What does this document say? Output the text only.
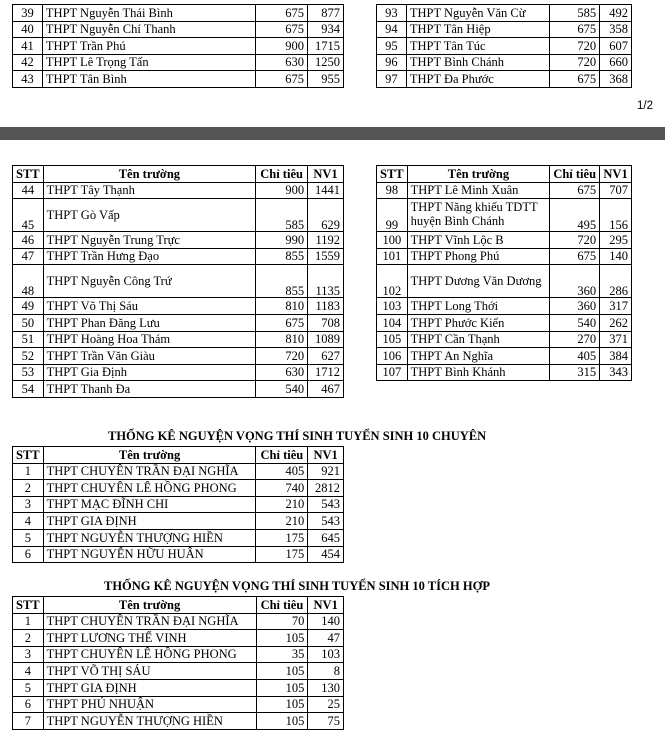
39	THPT Nguyễn Thái Bình	675	877
40	THPT Nguyễn Chí Thanh	675	934
41	THPT Trần Phú	900	1715
42	THPT Lê Trọng Tấn	630	1250
43	THPT Tân Bình	675	955
93	THPT Nguyễn Văn Cừ	585	492
94	THPT Tân Hiệp	675	358
95	THPT Tân Túc	720	607
96	THPT Bình Chánh	720	660
97	THPT Đa Phước	675	368
1/2
STT	Tên trường	Chỉ tiêu	NV1
44	THPT Tây Thạnh	900	1441
45	THPT Gò Vấp	585	629
46	THPT Nguyễn Trung Trực	990	1192
47	THPT Trần Hưng Đạo	855	1559
48	THPT Nguyễn Công Trứ	855	1135
49	THPT Võ Thị Sáu	810	1183
50	THPT Phan Đăng Lưu	675	708
51	THPT Hoàng Hoa Thám	810	1089
52	THPT Trần Văn Giàu	720	627
53	THPT Gia Định	630	1712
54	THPT Thanh Đa	540	467
STT	Tên trường	Chỉ tiêu	NV1
98	THPT Lê Minh Xuân	675	707
99	THPT Năng khiếu TDTT huyện Bình Chánh	495	156
100	THPT Vĩnh Lộc B	720	295
101	THPT Phong Phú	675	140
102	THPT Dương Văn Dương	360	286
103	THPT Long Thới	360	317
104	THPT Phước Kiển	540	262
105	THPT Cần Thạnh	270	371
106	THPT An Nghĩa	405	384
107	THPT Bình Khánh	315	343
THỐNG KÊ NGUYỆN VỌNG THÍ SINH TUYỂN SINH 10 CHUYÊN
STT	Tên trường	Chỉ tiêu	NV1
1	THPT CHUYÊN TRẦN ĐẠI NGHĨA	405	921
2	THPT CHUYÊN LÊ HỒNG PHONG	740	2812
3	THPT MẠC ĐĨNH CHI	210	543
4	THPT GIA ĐỊNH	210	543
5	THPT NGUYỄN THƯỢNG HIỀN	175	645
6	THPT NGUYỄN HỮU HUÂN	175	454
THỐNG KÊ NGUYỆN VỌNG THÍ SINH TUYỂN SINH 10 TÍCH HỢP
STT	Tên trường	Chỉ tiêu	NV1
1	THPT CHUYÊN TRẦN ĐẠI NGHĨA	70	140
2	THPT LƯƠNG THẾ VINH	105	47
3	THPT CHUYÊN LÊ HỒNG PHONG	35	103
4	THPT VÕ THỊ SÁU	105	8
5	THPT GIA ĐỊNH	105	130
6	THPT PHÚ NHUẬN	105	25
7	THPT NGUYỄN THƯỢNG HIỀN	105	75
